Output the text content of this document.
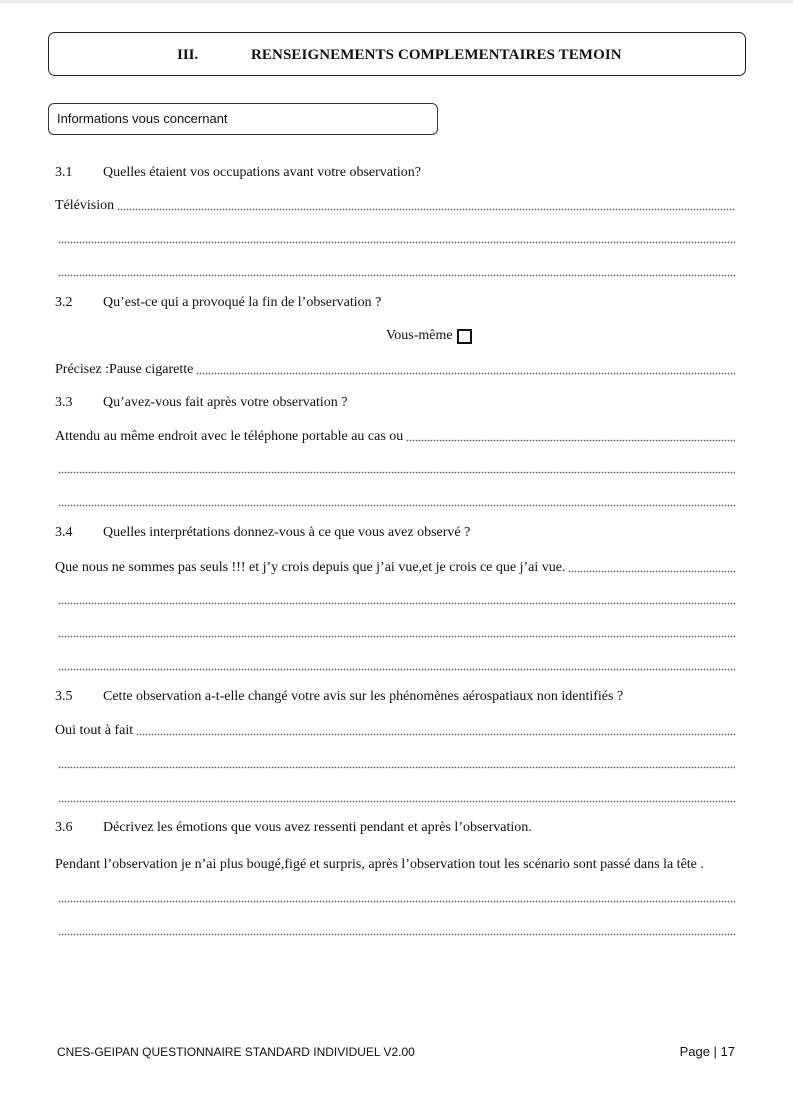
III.	RENSEIGNEMENTS COMPLEMENTAIRES TEMOIN
Informations vous concernant
3.1 Quelles étaient vos occupations avant votre observation?
Télévision
3.2 Qu’est-ce qui a provoqué la fin de l’observation ?
Vous-même
Précisez :Pause cigarette
3.3 Qu’avez-vous fait après votre observation ?
Attendu au même endroit avec le téléphone portable au cas ou
3.4 Quelles interprétations donnez-vous à ce que vous avez observé ?
Que nous ne sommes pas seuls !!! et j’y crois depuis que j’ai vue,et je crois ce que j’ai vue.
3.5 Cette observation a-t-elle changé votre avis sur les phénomènes aérospatiaux non identifiés ?
Oui tout à fait
3.6 Décrivez les émotions que vous avez ressenti pendant et après l’observation.
Pendant l’observation je n’ai plus bougé,figé et surpris, après l’observation tout les scénario sont passé dans la tête .
CNES-GEIPAN QUESTIONNAIRE STANDARD INDIVIDUEL V2.00	Page | 17
